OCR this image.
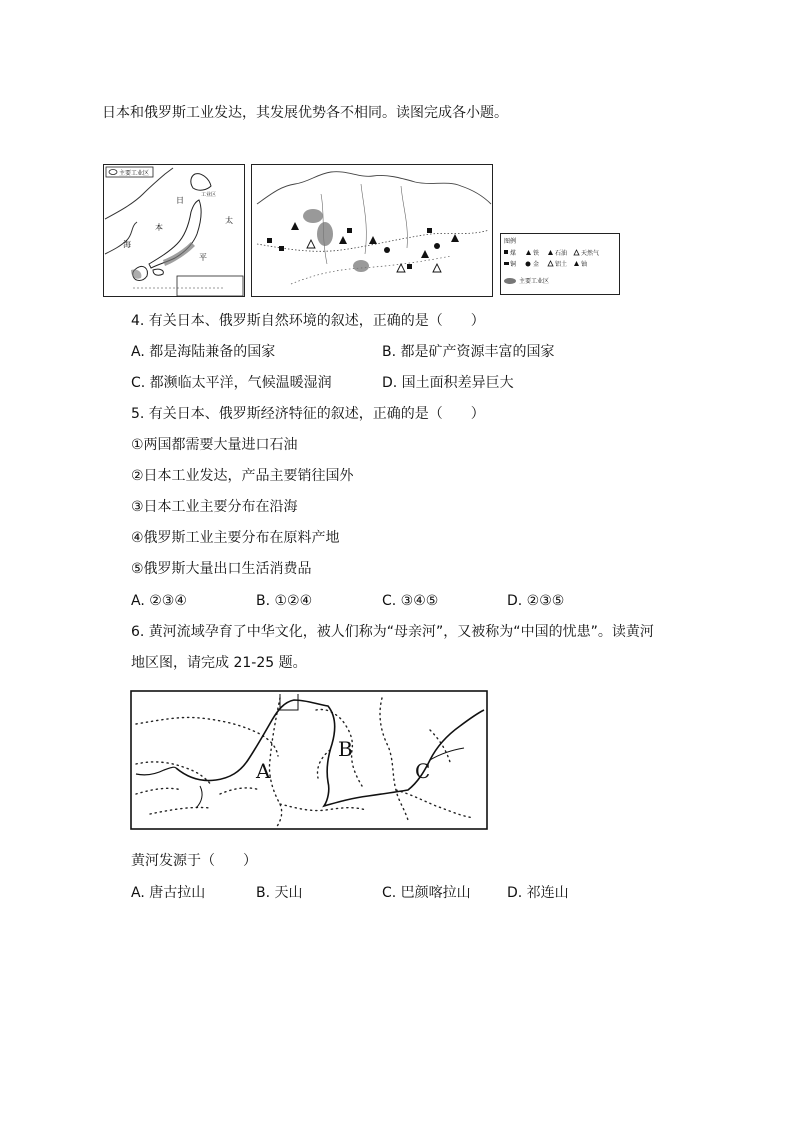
日本和俄罗斯工业发达，其发展优势各不相同。读图完成各小题。
主要工业区
日
本
海
太
平
工业区
图例
煤	铁	石油 天然气
铜	金	铝土 铀
主要工业区
4. 有关日本、俄罗斯自然环境的叙述，正确的是（　　）
A. 都是海陆兼备的国家	B. 都是矿产资源丰富的国家
C. 都濒临太平洋，气候温暖湿润	D. 国土面积差异巨大
5. 有关日本、俄罗斯经济特征的叙述，正确的是（　　）
①两国都需要大量进口石油
②日本工业发达，产品主要销往国外
③日本工业主要分布在沿海
④俄罗斯工业主要分布在原料产地
⑤俄罗斯大量出口生活消费品
A. ②③④	B. ①②④	C. ③④⑤	D. ②③⑤
6. 黄河流域孕育了中华文化，被人们称为“母亲河”，又被称为“中国的忧患”。读黄河
地区图，请完成 21-25 题。
A
B
C
黄河发源于（　　）
A. 唐古拉山	B. 天山	C. 巴颜喀拉山	D. 祁连山
